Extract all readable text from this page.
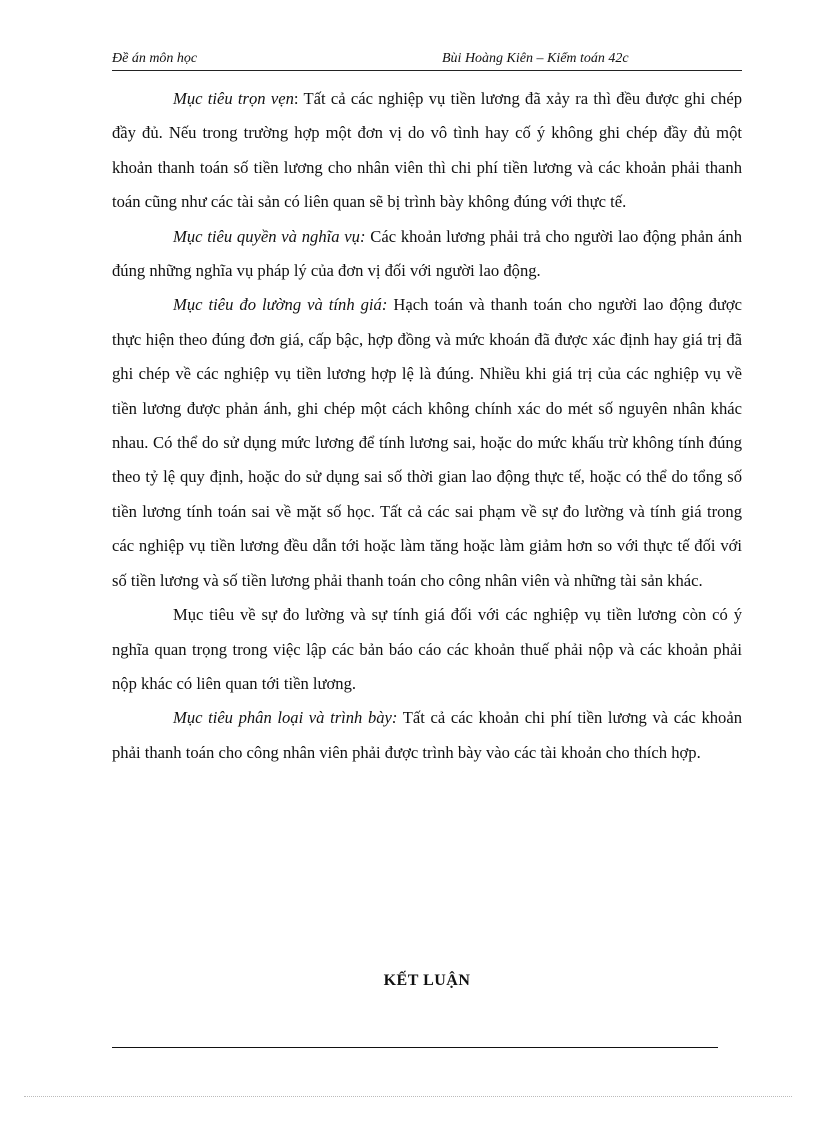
Đề án môn học	Bùi Hoàng Kiên – Kiểm toán 42c

Mục tiêu trọn vẹn: Tất cả các nghiệp vụ tiền lương đã xảy ra thì đều được ghi chép đầy đủ. Nếu trong trường hợp một đơn vị do vô tình hay cố ý không ghi chép đầy đủ một khoản thanh toán số tiền lương cho nhân viên thì chi phí tiền lương và các khoản phải thanh toán cũng như các tài sản có liên quan sẽ bị trình bày không đúng với thực tế.

Mục tiêu quyền và nghĩa vụ: Các khoản lương phải trả cho người lao động phản ánh đúng những nghĩa vụ pháp lý của đơn vị đối với người lao động.

Mục tiêu đo lường và tính giá: Hạch toán và thanh toán cho người lao động được thực hiện theo đúng đơn giá, cấp bậc, hợp đồng và mức khoán đã được xác định hay giá trị đã ghi chép về các nghiệp vụ tiền lương hợp lệ là đúng. Nhiều khi giá trị của các nghiệp vụ về tiền lương được phản ánh, ghi chép một cách không chính xác do mét số nguyên nhân khác nhau. Có thể do sử dụng mức lương để tính lương sai, hoặc do mức khấu trừ không tính đúng theo tỷ lệ quy định, hoặc do sử dụng sai số thời gian lao động thực tế, hoặc có thể do tổng số tiền lương tính toán sai về mặt số học. Tất cả các sai phạm về sự đo lường và tính giá trong các nghiệp vụ tiền lương đều dẫn tới hoặc làm tăng hoặc làm giảm hơn so với thực tế đối với số tiền lương và số tiền lương phải thanh toán cho công nhân viên và những tài sản khác.

Mục tiêu về sự đo lường và sự tính giá đối với các nghiệp vụ tiền lương còn có ý nghĩa quan trọng trong việc lập các bản báo cáo các khoản thuế phải nộp và các khoản phải nộp khác có liên quan tới tiền lương.

Mục tiêu phân loại và trình bày: Tất cả các khoản chi phí tiền lương và các khoản phải thanh toán cho công nhân viên phải được trình bày vào các tài khoản cho thích hợp.

KẾT LUẬN
